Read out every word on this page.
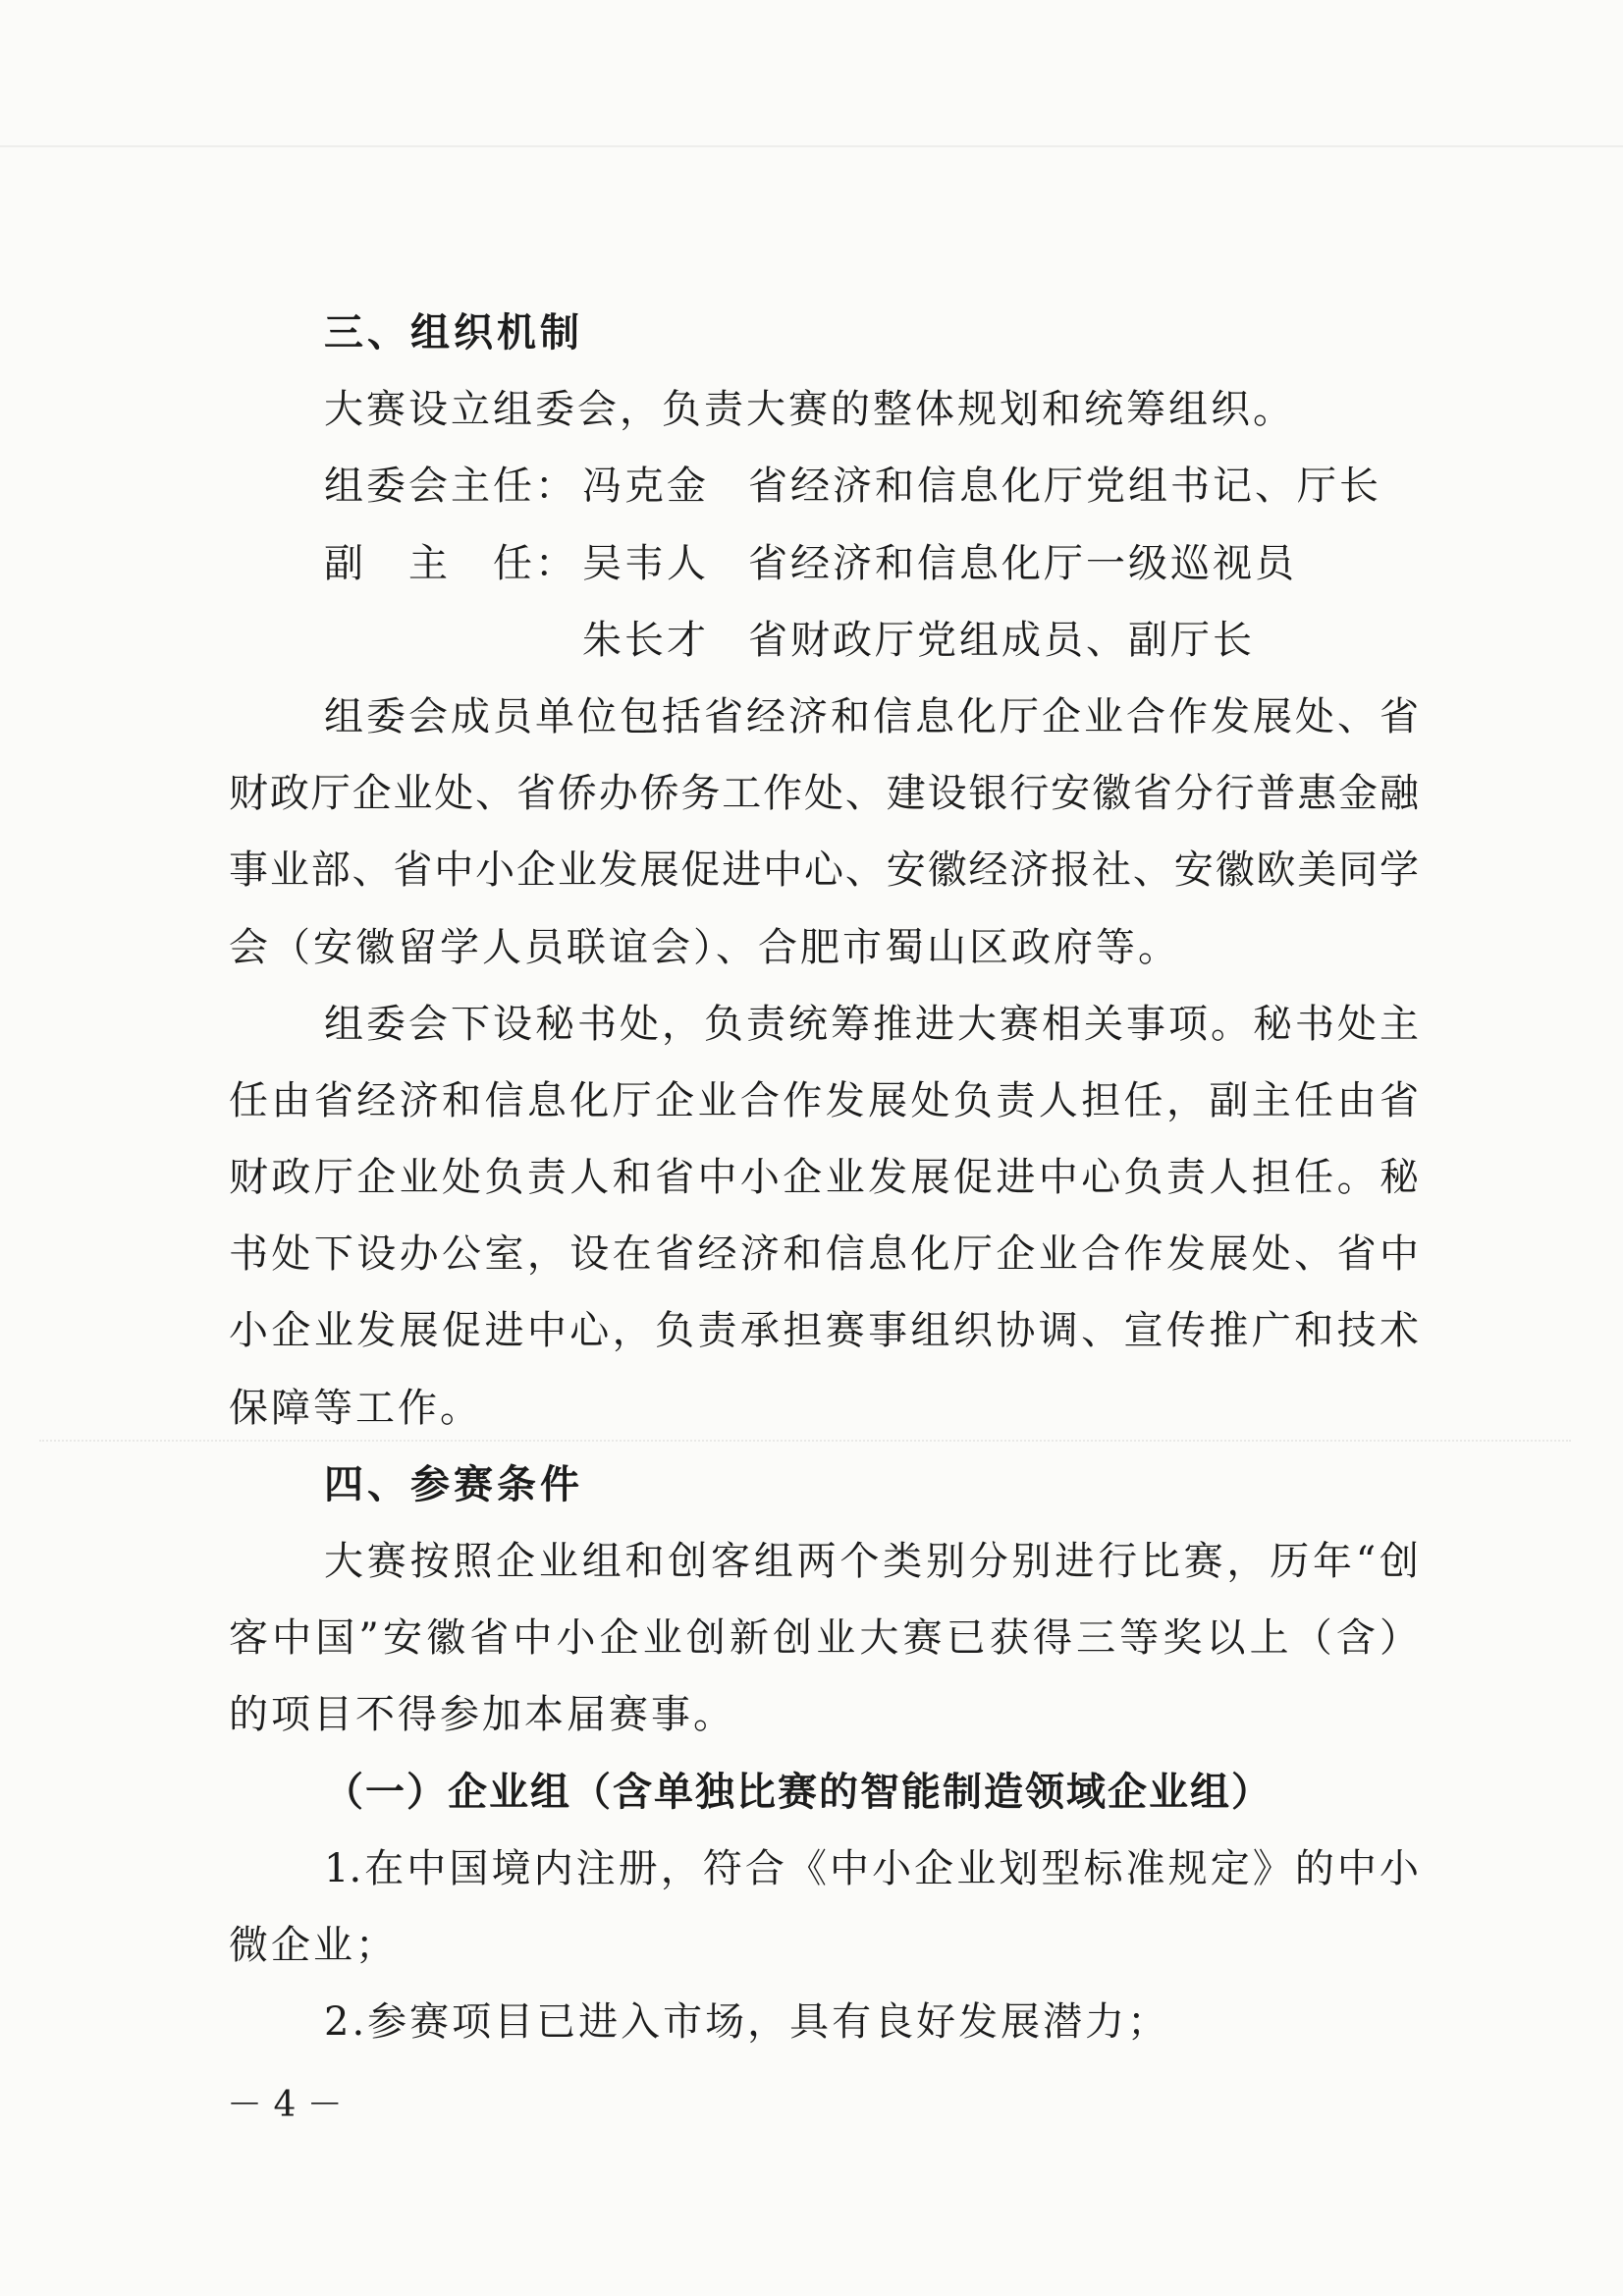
三、组织机制
大赛设立组委会，负责大赛的整体规划和统筹组织。
组委会主任： 冯克金 省经济和信息化厅党组书记、厅长
副　主　任： 吴韦人 省经济和信息化厅一级巡视员
朱长才 省财政厅党组成员、副厅长
组委会成员单位包括省经济和信息化厅企业合作发展处、省
财政厅企业处、省侨办侨务工作处、建设银行安徽省分行普惠金融
事业部、省中小企业发展促进中心、安徽经济报社、安徽欧美同学
会（安徽留学人员联谊会）、合肥市蜀山区政府等。
组委会下设秘书处，负责统筹推进大赛相关事项。秘书处主
任由省经济和信息化厅企业合作发展处负责人担任，副主任由省
财政厅企业处负责人和省中小企业发展促进中心负责人担任。秘
书处下设办公室，设在省经济和信息化厅企业合作发展处、省中
小企业发展促进中心，负责承担赛事组织协调、宣传推广和技术
保障等工作。
四、参赛条件
大赛按照企业组和创客组两个类别分别进行比赛，历年“创
客中国”安徽省中小企业创新创业大赛已获得三等奖以上（含）
的项目不得参加本届赛事。
（一）企业组（含单独比赛的智能制造领域企业组）
1.在中国境内注册，符合《中小企业划型标准规定》的中小
微企业；
2.参赛项目已进入市场，具有良好发展潜力；
－ 4 －
